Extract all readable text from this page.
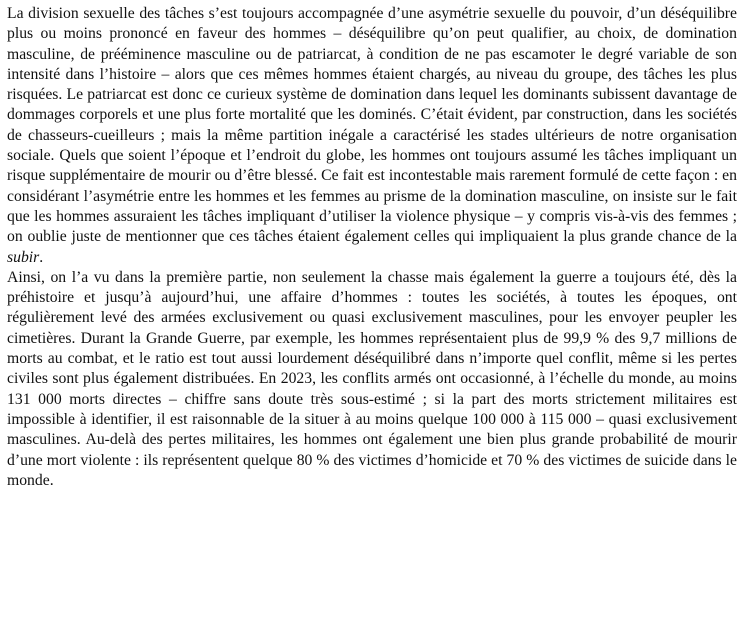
La division sexuelle des tâches s’est toujours accompagnée d’une asymétrie sexuelle du pouvoir, d’un déséquilibre plus ou moins prononcé en faveur des hommes – déséquilibre qu’on peut qualifier, au choix, de domination masculine, de prééminence masculine ou de patriarcat, à condition de ne pas escamoter le degré variable de son intensité dans l’histoire – alors que ces mêmes hommes étaient chargés, au niveau du groupe, des tâches les plus risquées. Le patriarcat est donc ce curieux système de domination dans lequel les dominants subissent davantage de dommages corporels et une plus forte mortalité que les dominés. C’était évident, par construction, dans les sociétés de chasseurs-cueilleurs ; mais la même partition inégale a caractérisé les stades ultérieurs de notre organisation sociale. Quels que soient l’époque et l’endroit du globe, les hommes ont toujours assumé les tâches impliquant un risque supplémentaire de mourir ou d’être blessé. Ce fait est incontestable mais rarement formulé de cette façon : en considérant l’asymétrie entre les hommes et les femmes au prisme de la domination masculine, on insiste sur le fait que les hommes assuraient les tâches impliquant d’utiliser la violence physique – y compris vis-à-vis des femmes ; on oublie juste de mentionner que ces tâches étaient également celles qui impliquaient la plus grande chance de la subir.

Ainsi, on l’a vu dans la première partie, non seulement la chasse mais également la guerre a toujours été, dès la préhistoire et jusqu’à aujourd’hui, une affaire d’hommes : toutes les sociétés, à toutes les époques, ont régulièrement levé des armées exclusivement ou quasi exclusivement masculines, pour les envoyer peupler les cimetières. Durant la Grande Guerre, par exemple, les hommes représentaient plus de 99,9 % des 9,7 millions de morts au combat, et le ratio est tout aussi lourdement déséquilibré dans n’importe quel conflit, même si les pertes civiles sont plus également distribuées. En 2023, les conflits armés ont occasionné, à l’échelle du monde, au moins 131 000 morts directes – chiffre sans doute très sous-estimé ; si la part des morts strictement militaires est impossible à identifier, il est raisonnable de la situer à au moins quelque 100 000 à 115 000 – quasi exclusivement masculines. Au-delà des pertes militaires, les hommes ont également une bien plus grande probabilité de mourir d’une mort violente : ils représentent quelque 80 % des victimes d’homicide et 70 % des victimes de suicide dans le monde.
